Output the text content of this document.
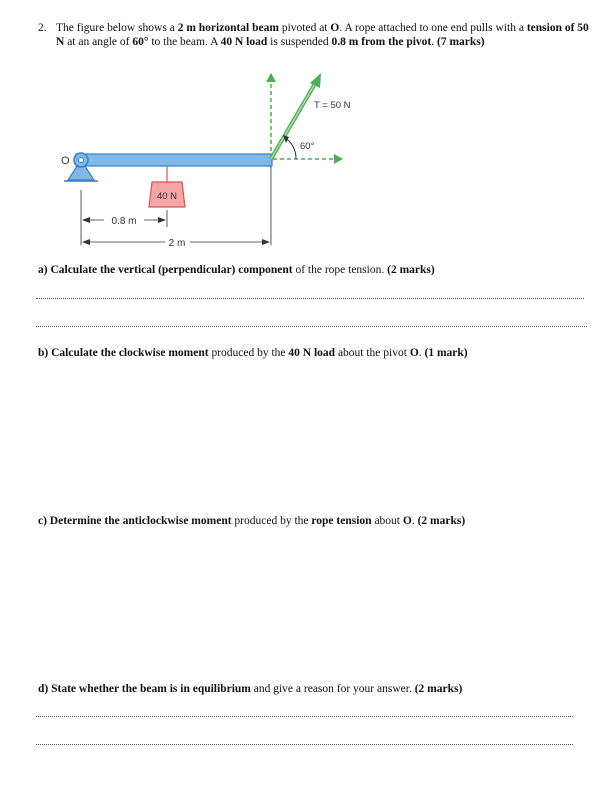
2. The figure below shows a 2 m horizontal beam pivoted at O. A rope attached to one end pulls with a tension of 50 N at an angle of 60° to the beam. A 40 N load is suspended 0.8 m from the pivot. (7 marks)
O
40 N
T = 50 N
60°
0.8 m
2 m
a) Calculate the vertical (perpendicular) component of the rope tension. (2 marks)
b) Calculate the clockwise moment produced by the 40 N load about the pivot O. (1 mark)
c) Determine the anticlockwise moment produced by the rope tension about O. (2 marks)
d) State whether the beam is in equilibrium and give a reason for your answer. (2 marks)
